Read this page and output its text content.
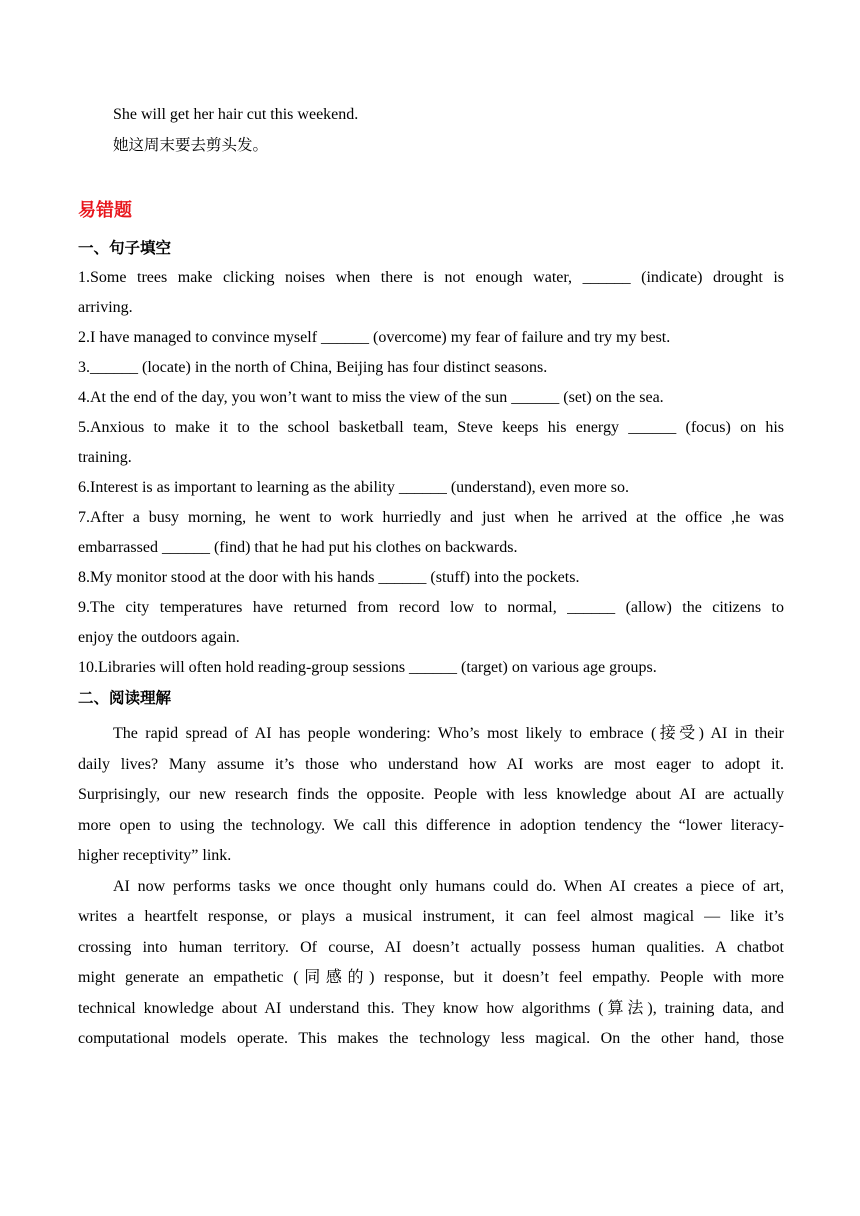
She will get her hair cut this weekend.
她这周末要去剪头发。
易错题
一、句子填空
1.Some trees make clicking noises when there is not enough water, ______ (indicate) drought is
arriving.
2.I have managed to convince myself ______ (overcome) my fear of failure and try my best.
3.______ (locate) in the north of China, Beijing has four distinct seasons.
4.At the end of the day, you won’t want to miss the view of the sun ______ (set) on the sea.
5.Anxious to make it to the school basketball team, Steve keeps his energy ______ (focus) on his
training.
6.Interest is as important to learning as the ability ______ (understand), even more so.
7.After a busy morning, he went to work hurriedly and just when he arrived at the office ,he was
embarrassed ______ (find) that he had put his clothes on backwards.
8.My monitor stood at the door with his hands ______ (stuff) into the pockets.
9.The city temperatures have returned from record low to normal, ______ (allow) the citizens to
enjoy the outdoors again.
10.Libraries will often hold reading-group sessions ______ (target) on various age groups.
二、阅读理解
The rapid spread of AI has people wondering: Who’s most likely to embrace (接受) AI in their
daily lives? Many assume it’s those who understand how AI works are most eager to adopt it.
Surprisingly, our new research finds the opposite. People with less knowledge about AI are actually
more open to using the technology. We call this difference in adoption tendency the “lower literacy-
higher receptivity” link.
AI now performs tasks we once thought only humans could do. When AI creates a piece of art,
writes a heartfelt response, or plays a musical instrument, it can feel almost magical — like it’s
crossing into human territory. Of course, AI doesn’t actually possess human qualities. A chatbot
might generate an empathetic (同感的) response, but it doesn’t feel empathy. People with more
technical knowledge about AI understand this. They know how algorithms (算法), training data, and
computational models operate. This makes the technology less magical. On the other hand, those
